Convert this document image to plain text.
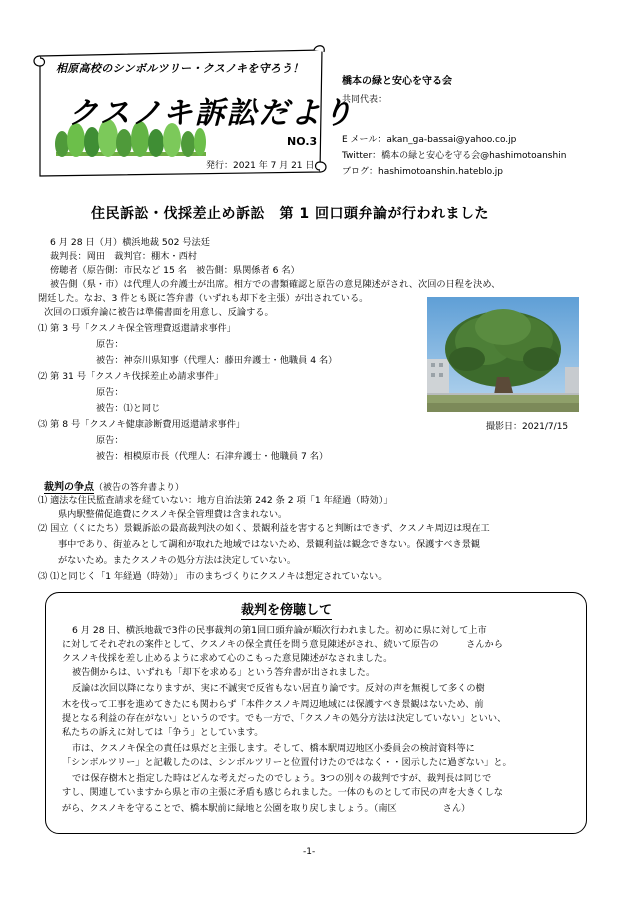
相原高校のシンボルツリー・クスノキを守ろう！
クスノキ訴訟だより
NO.3
発行：2021 年 7 月 21 日
橋本の緑と安心を守る会
共同代表：
E メール：akan_ga-bassai@yahoo.co.jp
Twitter：橋本の緑と安心を守る会@hashimotoanshin
ブログ：hashimotoanshin.hateblo.jp
住民訴訟・伐採差止め訴訟　第 1 回口頭弁論が行われました
6 月 28 日（月）横浜地裁 502 号法廷
裁判長：岡田　裁判官：棚木・西村
傍聴者（原告側：市民など 15 名　被告側：県関係者 6 名）
被告側（県・市）は代理人の弁護士が出席。相方での書類確認と原告の意見陳述がされ、次回の日程を決め、
閉廷した。なお、3 件とも既に答弁書（いずれも却下を主張）が出されている。
次回の口頭弁論に被告は準備書面を用意し、反論する。
⑴ 第 3 号「クスノキ保全管理費返還請求事件」
原告：
被告：神奈川県知事（代理人：藤田弁護士・他職員 4 名）
⑵ 第 31 号「クスノキ伐採差止め請求事件」
原告：
被告：⑴と同じ
⑶ 第 8 号「クスノキ健康診断費用返還請求事件」
原告：
被告：相模原市長（代理人：石津弁護士・他職員 7 名）
撮影日：2021/7/15
裁判の争点（被告の答弁書より）
⑴ 適法な住民監査請求を経ていない：地方自治法第 242 条 2 項「1 年経過（時効）」
県内駅整備促進費にクスノキ保全管理費は含まれない。
⑵ 国立（くにたち）景観訴訟の最高裁判決の如く、景観利益を害すると判断はできず、クスノキ周辺は現在工
事中であり、街並みとして調和が取れた地域ではないため、景観利益は観念できない。保護すべき景観
がないため。またクスノキの処分方法は決定していない。
⑶ ⑴と同じく「1 年経過（時効）」 市のまちづくりにクスノキは想定されていない。
裁判を傍聴して
6 月 28 日、横浜地裁で3件の民事裁判の第1回口頭弁論が順次行われました。初めに県に対して上市
に対してそれぞれの案件として、クスノキの保全責任を問う意見陳述がされ、続いて原告の　　　さんから
クスノキ伐採を差し止めるように求めて心のこもった意見陳述がなされました。
被告側からは、いずれも「却下を求める」という答弁書が出されました。
反論は次回以降になりますが、実に不誠実で反省もない居直り論です。反対の声を無視して多くの樹
木を伐って工事を進めてきたにも関わらず「本件クスノキ周辺地域には保護すべき景観はないため、前
提となる利益の存在がない」というのです。でも一方で、「クスノキの処分方法は決定していない」といい、
私たちの訴えに対しては「争う」としています。
市は、クスノキ保全の責任は県だと主張します。そして、橋本駅周辺地区小委員会の検討資料等に
「シンボルツリー」と記載したのは、シンボルツリーと位置付けたのではなく・・図示したに過ぎない」と。
では保存樹木と指定した時はどんな考えだったのでしょう。3つの別々の裁判ですが、裁判長は同じで
すし、関連していますから県と市の主張に矛盾も感じられました。一体のものとして市民の声を大きくしな
がら、クスノキを守ることで、橋本駅前に緑地と公園を取り戻しましょう。（南区　　　　　さん）
-1-
